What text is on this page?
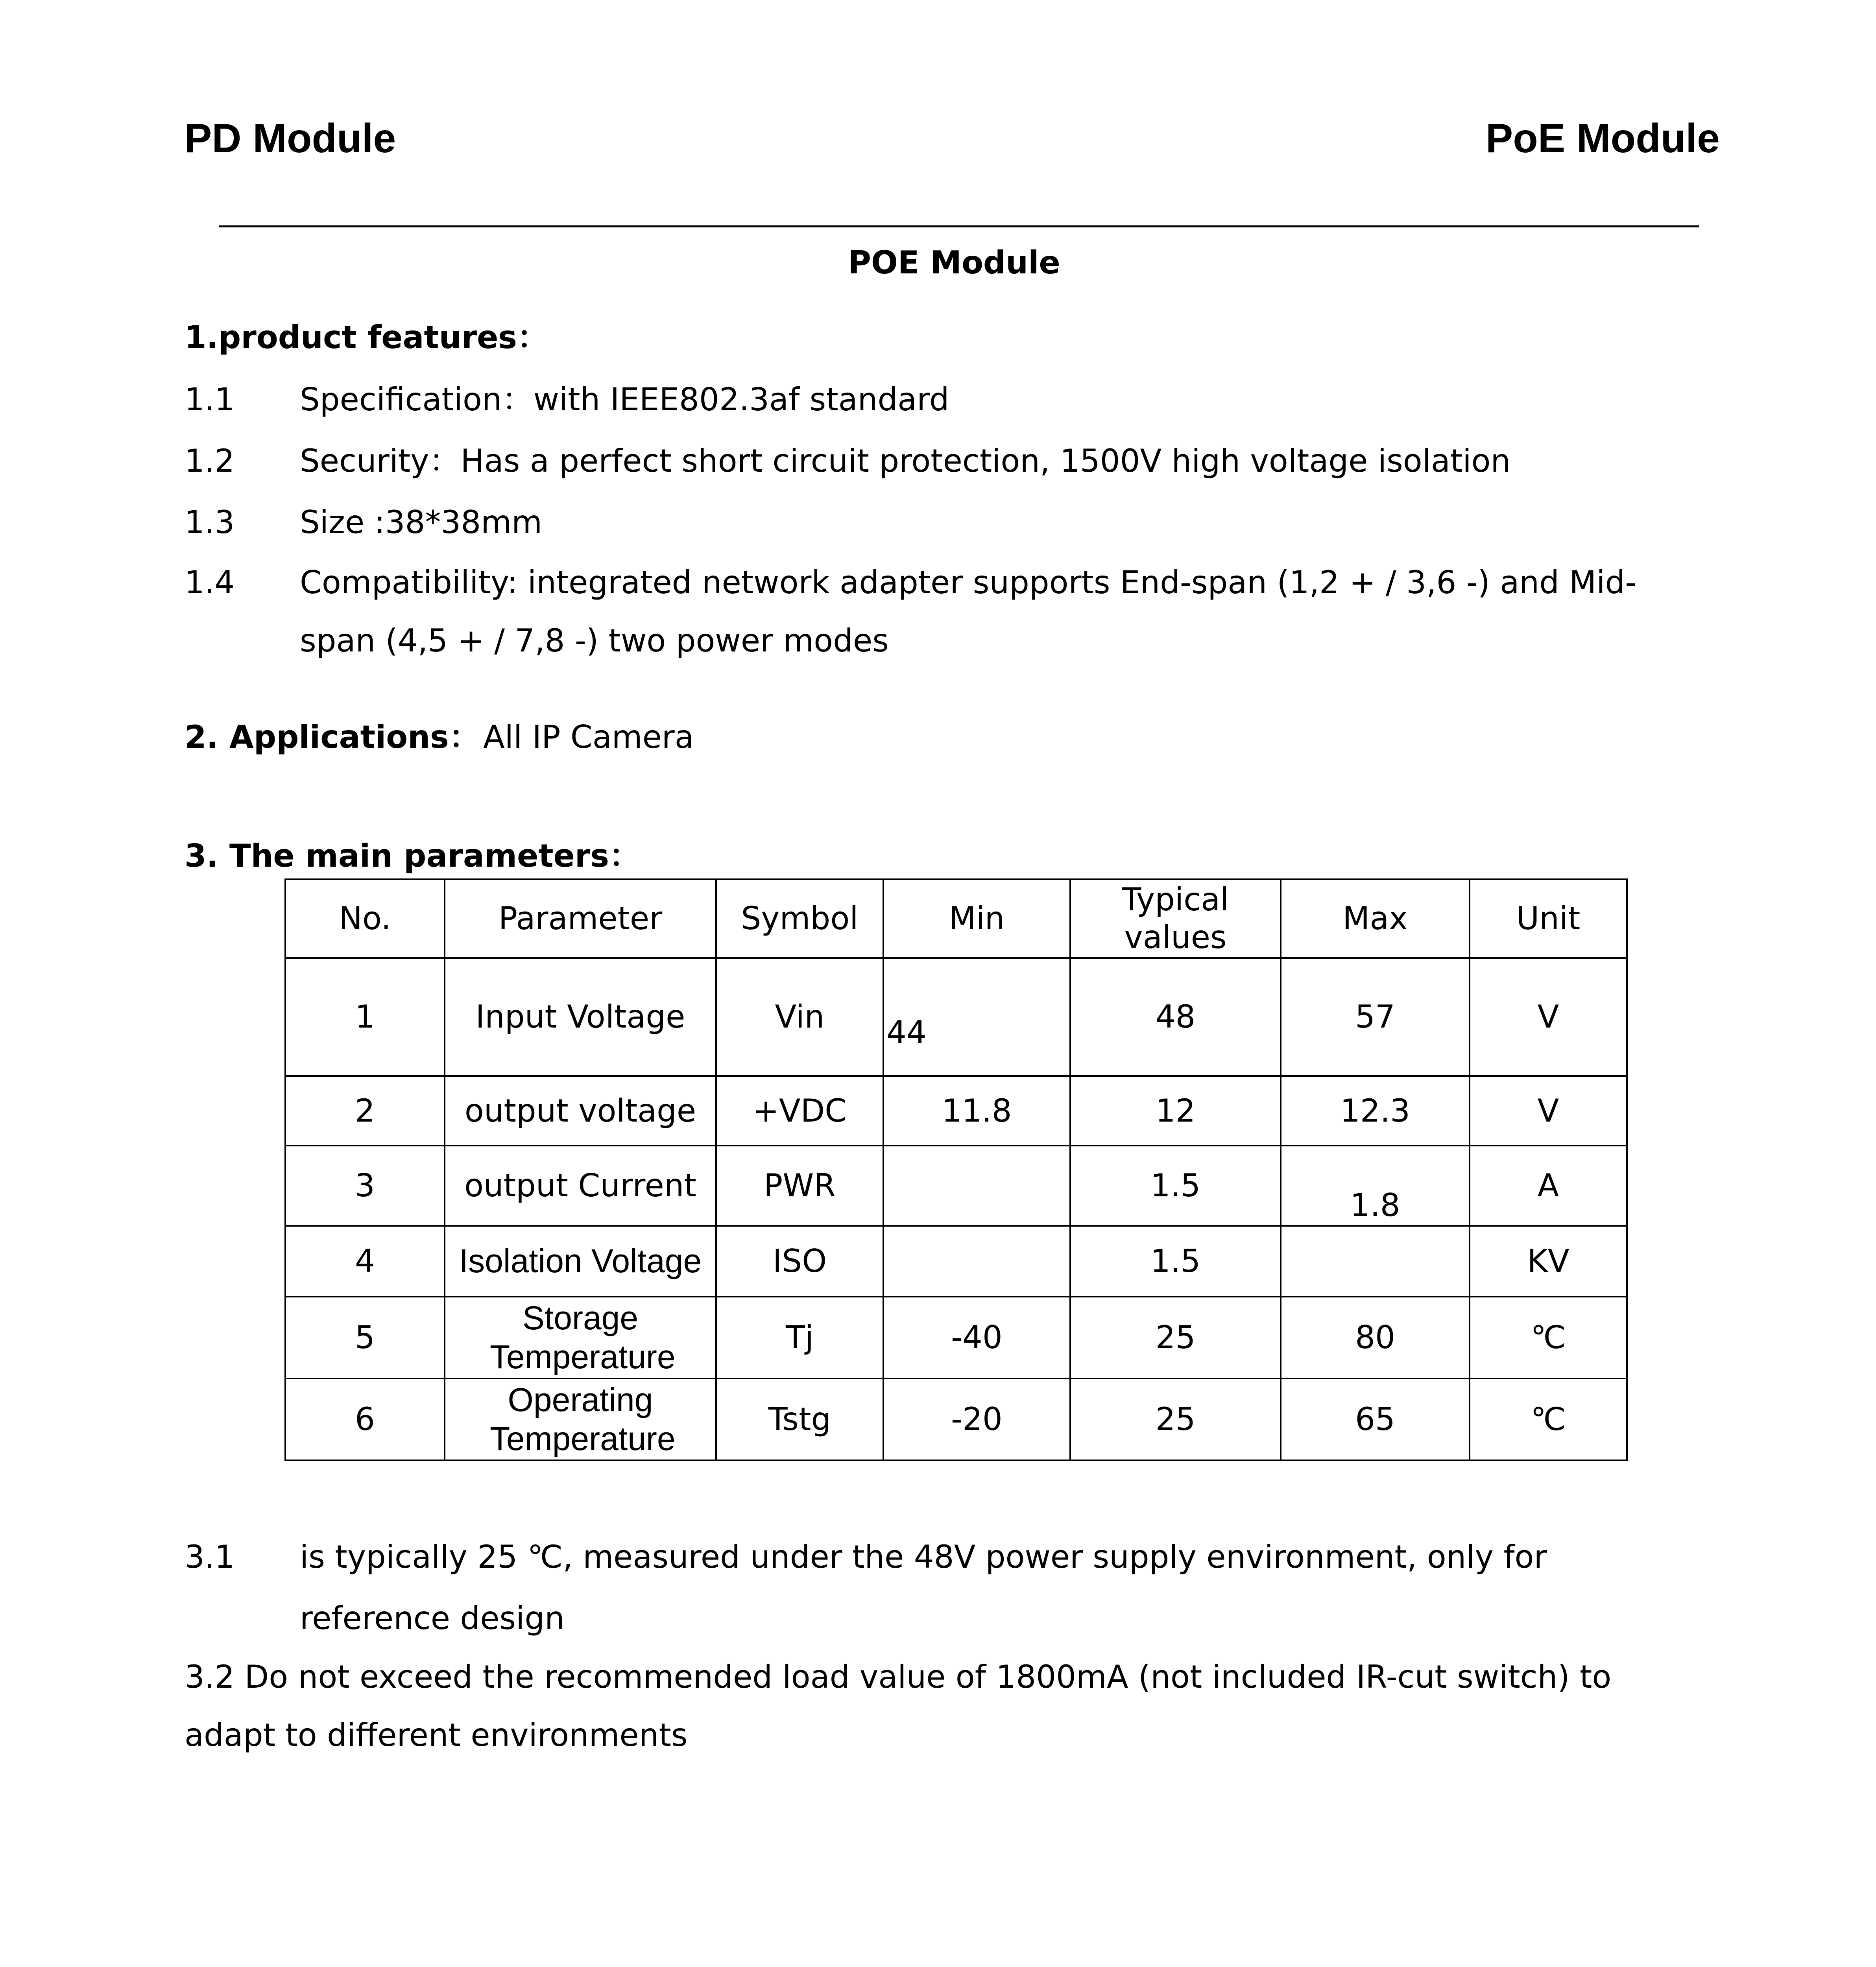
PD Module	PoE Module
POE Module
1.product features：
1.1 Specification：with IEEE802.3af standard
1.2 Security：Has a perfect short circuit protection, 1500V high voltage isolation
1.3 Size :38*38mm
1.4 Compatibility: integrated network adapter supports End-span (1,2 + / 3,6 -) and Mid-
span (4,5 + / 7,8 -) two power modes
2. Applications： All IP Camera
3. The main parameters：
No.	Parameter	Symbol	Min	Typical values	Max	Unit
1	Input Voltage	Vin	44	48	57	V
2	output voltage	+VDC	11.8	12	12.3	V
3	output Current	PWR		1.5	1.8	A
4	Isolation Voltage	ISO		1.5		KV
5	Storage Temperature	Tj	-40	25	80	℃
6	Operating Temperature	Tstg	-20	25	65	℃
3.1 is typically 25 ℃, measured under the 48V power supply environment, only for
reference design
3.2 Do not exceed the recommended load value of 1800mA (not included IR-cut switch) to
adapt to different environments
